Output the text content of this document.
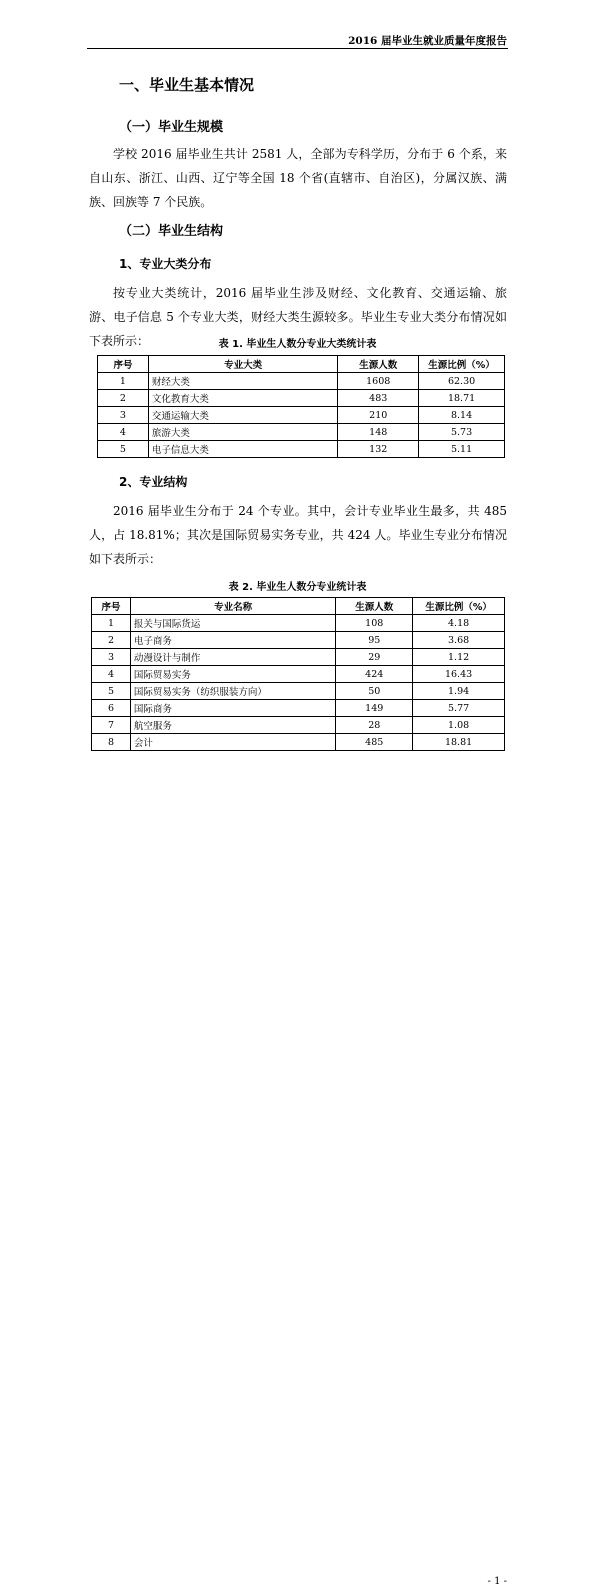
2016 届毕业生就业质量年度报告
一、毕业生基本情况
（一）毕业生规模

学校 2016 届毕业生共计 2581 人，全部为专科学历，分布于 6 个系，来自山东、浙江、山西、辽宁等全国 18 个省(直辖市、自治区)，分属汉族、满族、回族等 7 个民族。

（二）毕业生结构
1、专业大类分布

按专业大类统计，2016 届毕业生涉及财经、文化教育、交通运输、旅游、电子信息 5 个专业大类，财经大类生源较多。毕业生专业大类分布情况如下表所示：	表 1. 毕业生人数分专业大类统计表
序号	专业大类	生源人数	生源比例（%）
1	财经大类	1608	62.30
2	文化教育大类	483	18.71
3	交通运输大类	210	8.14
4	旅游大类	148	5.73
5	电子信息大类	132	5.11
2、专业结构

2016 届毕业生分布于 24 个专业。其中，会计专业毕业生最多，共 485 人，占 18.81%；其次是国际贸易实务专业，共 424 人。毕业生专业分布情况如下表所示：

表 2. 毕业生人数分专业统计表
序号	专业名称	生源人数	生源比例（%）
1	报关与国际货运	108	4.18
2	电子商务	95	3.68
3	动漫设计与制作	29	1.12
4	国际贸易实务	424	16.43
5	国际贸易实务（纺织服装方向）	50	1.94
6	国际商务	149	5.77
7	航空服务	28	1.08
8	会计	485	18.81
- 1 -
